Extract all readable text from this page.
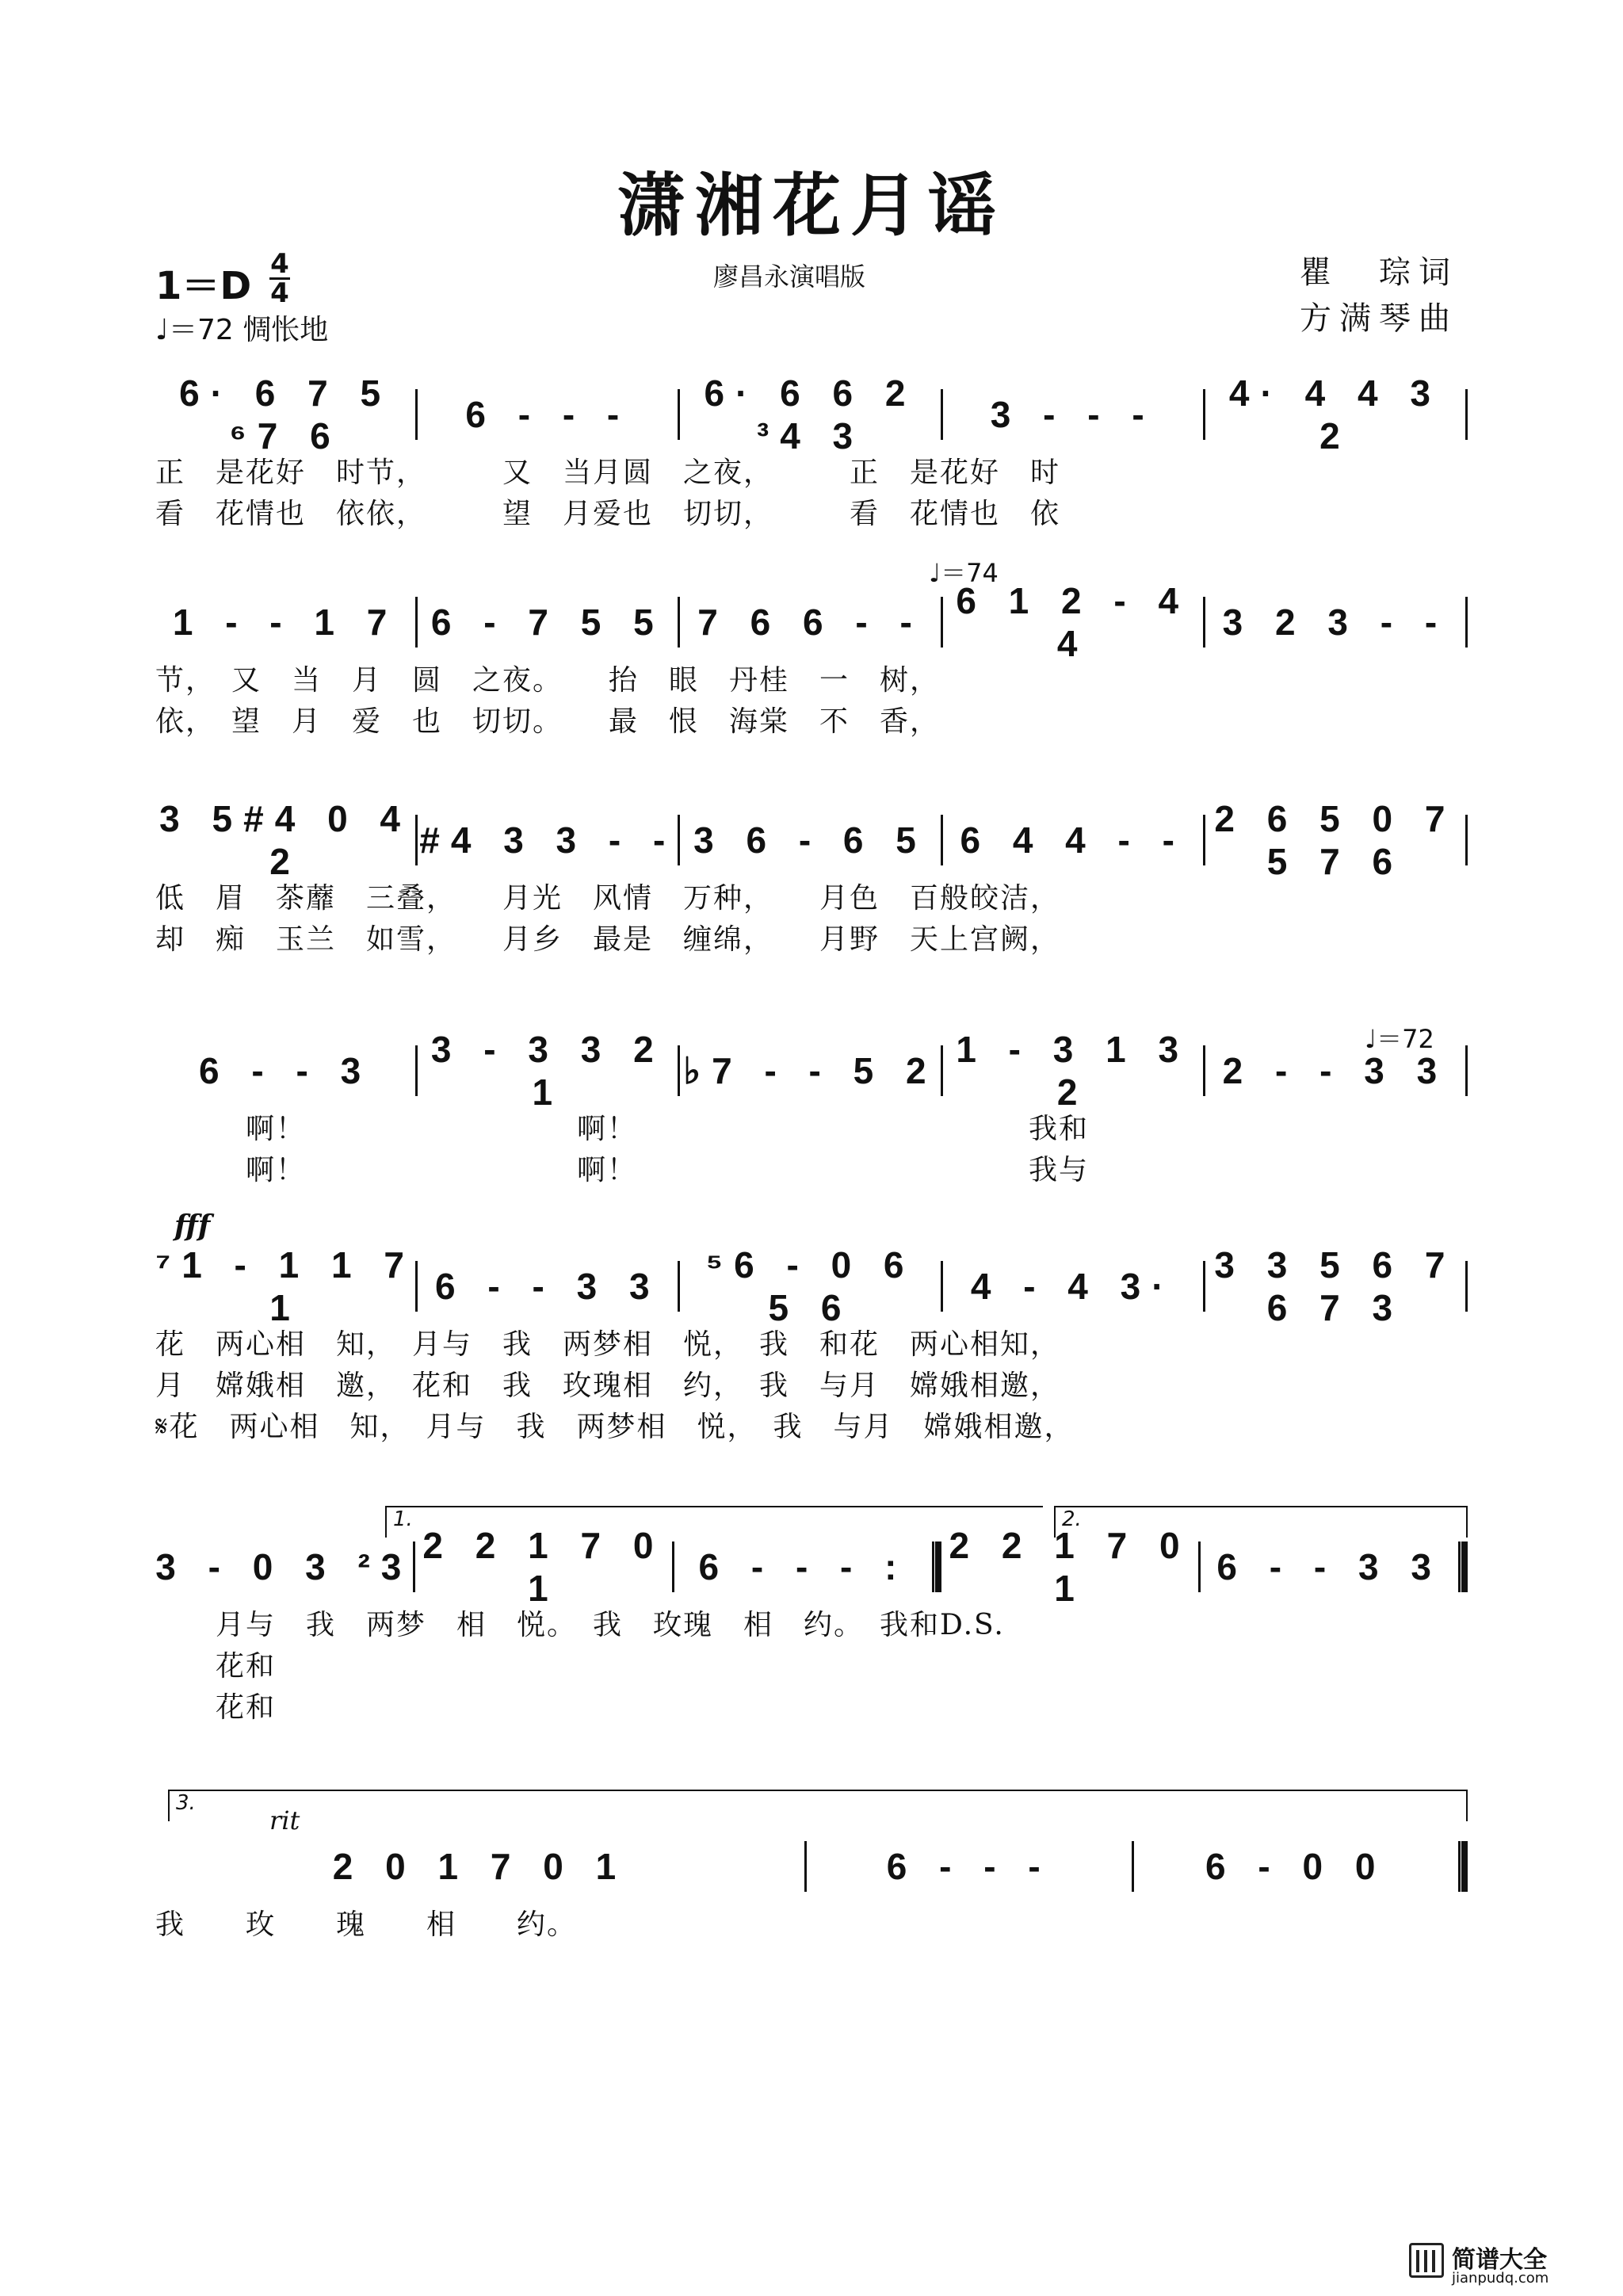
潇湘花月谣
1＝D 4
4
♩＝72 惆怅地
廖昌永演唱版	瞿　琮词
方满琴曲
6· 6 7 5 ⁶7 6
6 - - -
6· 6 6 2 ³4 3
3 - - -
4· 4 4 3 2
正　是花好　时节，　　　又　当月圆　之夜，　　　正　是花好　时
看　花情也　依依，　　　望　月爱也　切切，　　　看　花情也　依
♩＝74
1 - - 1 7 6 - 7 5 5 7 6 6 - -
6 1 2 - 4 4
3 2 3 - -
节，　又　当　月　圆　之夜。　　抬　眼　丹桂　一　树，
依，　望　月　爱　也　切切。　　最　恨　海棠　不　香，
3 5#4 0 4 2
#4 3 3 - - 3 6 - 6 5 6 4 4 - -
2 6 5 0 7 5 7 6
低　眉　茶蘼　三叠，　　月光　风情　万种，　　月色　百般皎洁，
却　痴　玉兰　如雪，　　月乡　最是　缠绵，　　月野　天上宫阙，
♩＝72
6 - - 3
3 - 3 3 2 1
♭7 - - 5 2
1 - 3 1 3 2
2 - - 3 3
　　　啊！　　　　　　　　　啊！　　　　　　　　　　　　　我和
　　　啊！　　　　　　　　　啊！　　　　　　　　　　　　　我与
fff
⁷1 - 1 1 7 1
6 - - 3 3
⁵6 - 0 6 5 6
4 - 4 3·
3 3 5 6 7 6 7 3
花　两心相　知，　月与　我　两梦相　悦，　我　和花　两心相知，
月　嫦娥相　邀，　花和　我　玫瑰相　约，　我　与月　嫦娥相邀，
𝄋花　两心相　知，　月与　我　两梦相　悦，　我　与月　嫦娥相邀，
1.	2.
3 - 0 3 ²3
2 2 1 7 0 1
6 - - - :
2 2 1 7 0 1
6 - - 3 3
　　月与　我　两梦　相　悦。　我　玫瑰　相　约。　我和D.S.
　　花和
　　花和
3.
rit
2 0 1 7 0 1	6 - - -	6 - 0 0
我　　玫　　瑰　　相　　约。
简谱大全
jianpudq.com
